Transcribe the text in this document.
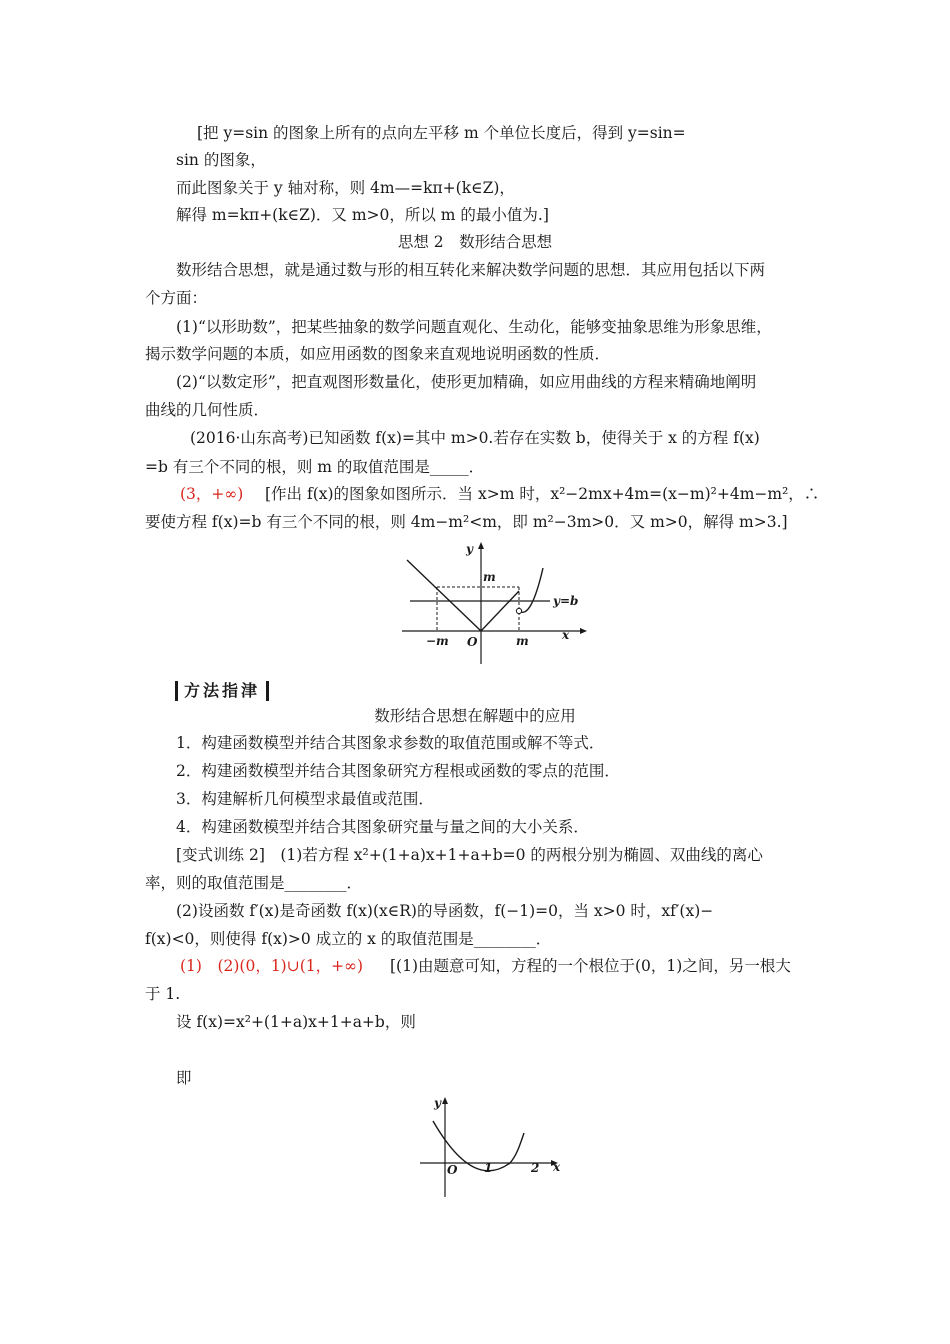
[把 y=sin 的图象上所有的点向左平移 m 个单位长度后，得到 y=sin=
sin 的图象，
而此图象关于 y 轴对称，则 4m—=kπ+(k∈Z)，
解得 m=kπ+(k∈Z)．又 m>0，所以 m 的最小值为.]
思想 2　数形结合思想
数形结合思想，就是通过数与形的相互转化来解决数学问题的思想．其应用包括以下两
个方面：
(1)“以形助数”，把某些抽象的数学问题直观化、生动化，能够变抽象思维为形象思维，
揭示数学问题的本质，如应用函数的图象来直观地说明函数的性质．
(2)“以数定形”，把直观图形数量化，使形更加精确，如应用曲线的方程来精确地阐明
曲线的几何性质．
(2016·山东高考)已知函数 f(x)=其中 m>0.若存在实数 b，使得关于 x 的方程 f(x)
=b 有三个不同的根，则 m 的取值范围是_____．
(3，+∞) [作出 f(x)的图象如图所示．当 x>m 时，x²−2mx+4m=(x−m)²+4m−m²，∴
要使方程 f(x)=b 有三个不同的根，则 4m−m²<m，即 m²−3m>0．又 m>0，解得 m>3.]
y
m
y=b
−m O	m	x
方法指津
数形结合思想在解题中的应用
1．构建函数模型并结合其图象求参数的取值范围或解不等式．
2．构建函数模型并结合其图象研究方程根或函数的零点的范围．
3．构建解析几何模型求最值或范围．
4．构建函数模型并结合其图象研究量与量之间的大小关系．
[变式训练 2]　(1)若方程 x²+(1+a)x+1+a+b=0 的两根分别为椭圆、双曲线的离心
率，则的取值范围是________．
(2)设函数 f′(x)是奇函数 f(x)(x∈R)的导函数，f(−1)=0，当 x>0 时，xf′(x)−
f(x)<0，则使得 f(x)>0 成立的 x 的取值范围是________．
(1)　(2)(0，1)∪(1，+∞) [(1)由题意可知，方程的一个根位于(0，1)之间，另一根大
于 1.
设 f(x)=x²+(1+a)x+1+a+b，则
即
y
O 1	2 x
